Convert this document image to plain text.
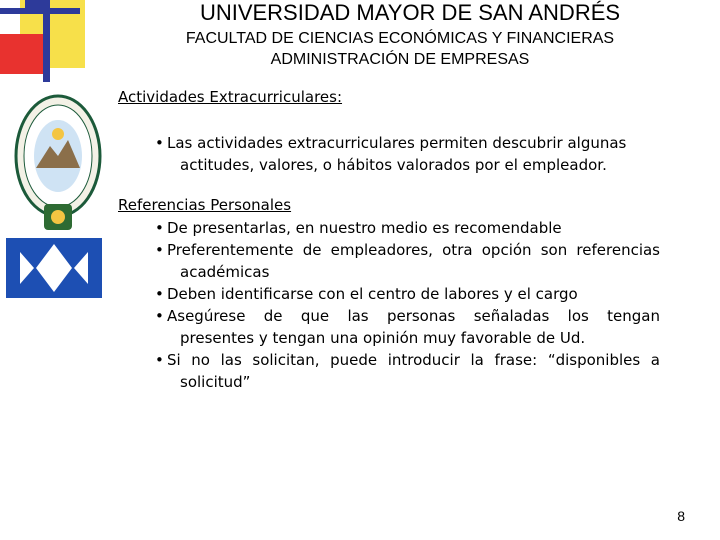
UNIVERSIDAD MAYOR DE SAN ANDRÉS
FACULTAD DE CIENCIAS ECONÓMICAS Y FINANCIERAS
ADMINISTRACIÓN DE EMPRESAS
Actividades Extracurriculares:
• Las actividades extracurriculares permiten descubrir algunas
actitudes, valores, o hábitos valorados por el empleador.
Referencias Personales
• De presentarlas, en nuestro medio es recomendable
• Preferentemente de empleadores, otra opción son referencias
académicas
• Deben identificarse con el centro de labores y el cargo
• Asegúrese de que las personas señaladas los tengan
presentes y tengan una opinión muy favorable de Ud.
• Si no las solicitan, puede introducir la frase: “disponibles a
solicitud”
8
